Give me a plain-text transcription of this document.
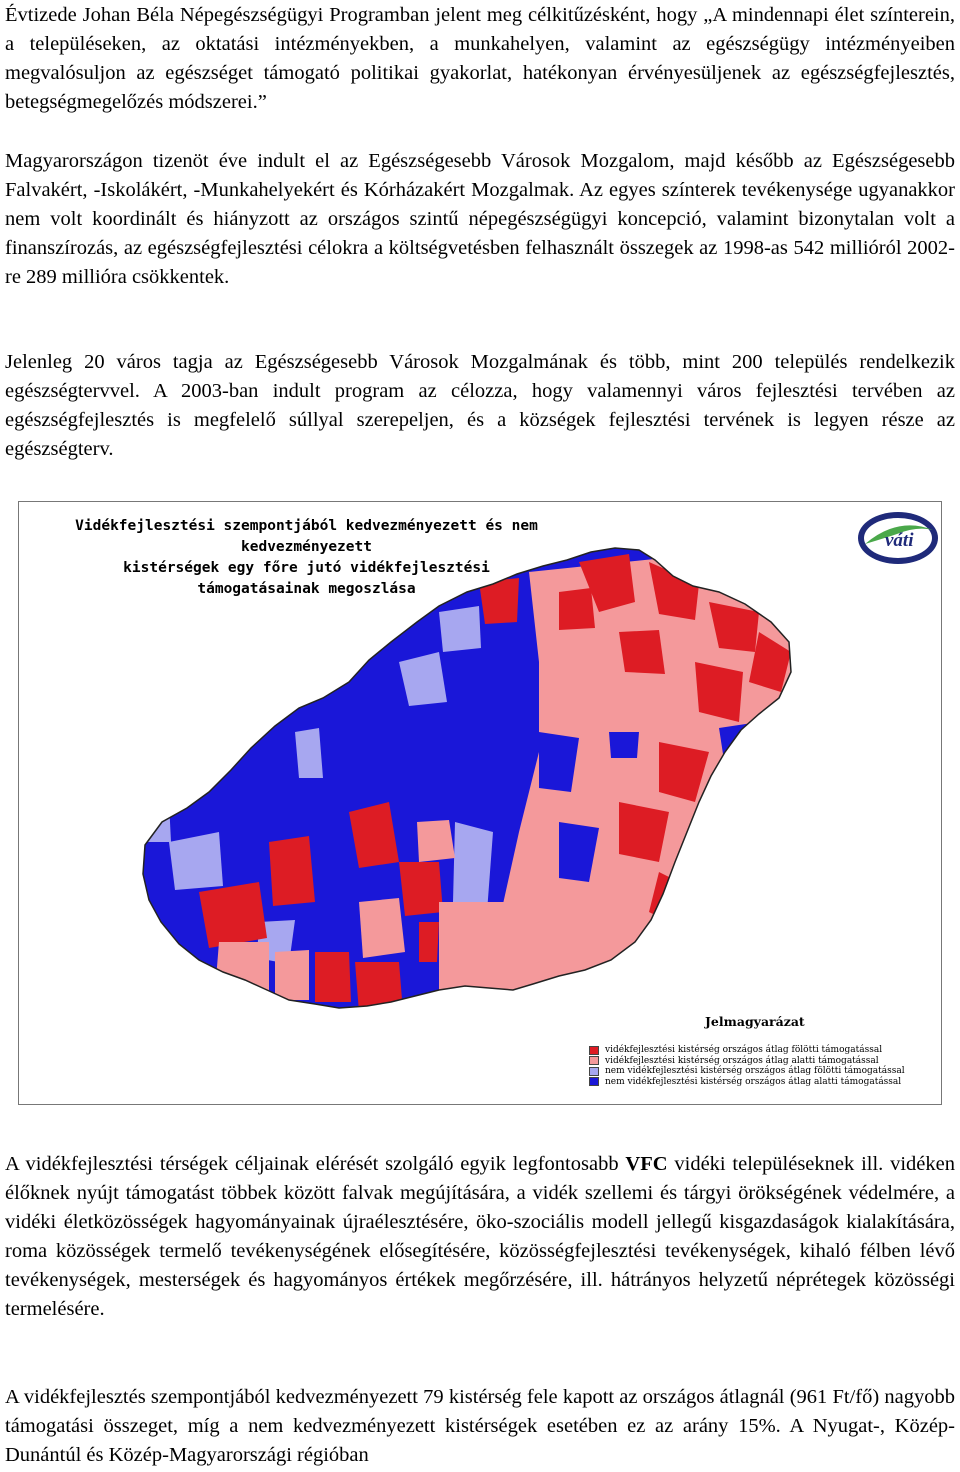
Évtizede Johan Béla Népegészségügyi Programban jelent meg célkitűzésként, hogy „A mindennapi élet színterein, a településeken, az oktatási intézményekben, a munkahelyen, valamint az egészségügy intézményeiben megvalósuljon az egészséget támogató politikai gyakorlat, hatékonyan érvényesüljenek az egészségfejlesztés, betegségmegelőzés módszerei.”

Magyarországon tizenöt éve indult el az Egészségesebb Városok Mozgalom, majd később az Egészségesebb Falvakért, -Iskolákért, -Munkahelyekért és Kórházakért Mozgalmak. Az egyes színterek tevékenysége ugyanakkor nem volt koordinált és hiányzott az országos szintű népegészségügyi koncepció, valamint bizonytalan volt a finanszírozás, az egészségfejlesztési célokra a költségvetésben felhasznált összegek az 1998-as 542 millióról 2002-re 289 millióra csökkentek.

Jelenleg 20 város tagja az Egészségesebb Városok Mozgalmának és több, mint 200 település rendelkezik egészségtervvel. A 2003-ban indult program az célozza, hogy valamennyi város fejlesztési tervében az egészségfejlesztés is megfelelő súllyal szerepeljen, és a községek fejlesztési tervének is legyen része az egészségterv.

Vidékfejlesztési szempontjából kedvezményezett és nem kedvezményezett
kistérségek egy főre jutó vidékfejlesztési
támogatásainak megoszlása
váti
Jelmagyarázat
vidékfejlesztési kistérség országos átlag fölötti támogatással
vidékfejlesztési kistérség országos átlag alatti támogatással
nem vidékfejlesztési kistérség országos átlag fölötti támogatással
nem vidékfejlesztési kistérség országos átlag alatti támogatással

A vidékfejlesztési térségek céljainak elérését szolgáló egyik legfontosabb VFC vidéki településeknek ill. vidéken élőknek nyújt támogatást többek között falvak megújítására, a vidék szellemi és tárgyi örökségének védelmére, a vidéki életközösségek hagyományainak újraélesztésére, öko-szociális modell jellegű kisgazdaságok kialakítására, roma közösségek termelő tevékenységének elősegítésére, közösségfejlesztési tevékenységek, kihaló félben lévő tevékenységek, mesterségek és hagyományos értékek megőrzésére, ill. hátrányos helyzetű néprétegek közösségi termelésére.

A vidékfejlesztés szempontjából kedvezményezett 79 kistérség fele kapott az országos átlagnál (961 Ft/fő) nagyobb támogatási összeget, míg a nem kedvezményezett kistérségek esetében ez az arány 15%. A Nyugat-, Közép-Dunántúl és Közép-Magyarországi régióban
